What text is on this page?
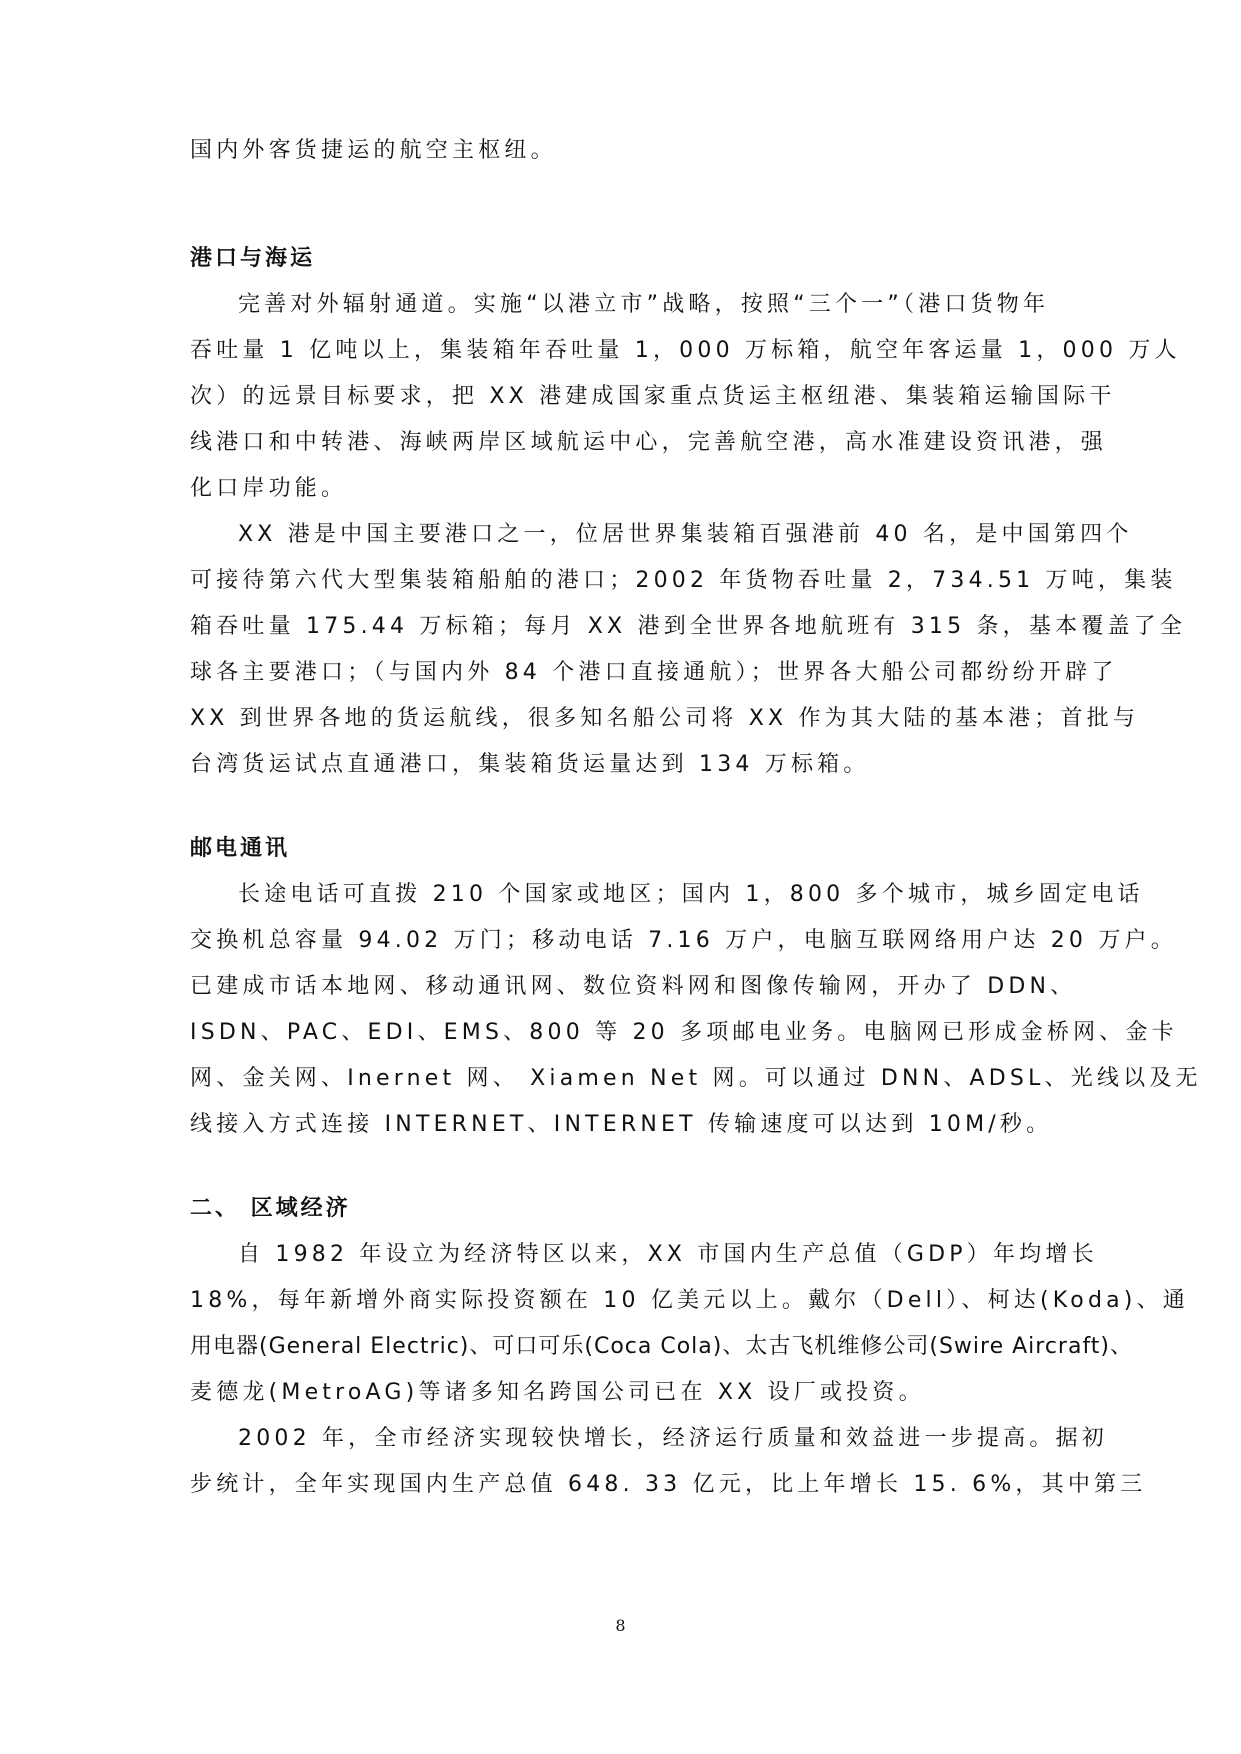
国内外客货捷运的航空主枢纽。
港口与海运
完善对外辐射通道。实施“以港立市”战略，按照“三个一”（港口货物年
吞吐量 1 亿吨以上，集装箱年吞吐量 1，000 万标箱，航空年客运量 1，000 万人
次）的远景目标要求，把 XX 港建成国家重点货运主枢纽港、集装箱运输国际干
线港口和中转港、海峡两岸区域航运中心，完善航空港，高水准建设资讯港，强
化口岸功能。
XX 港是中国主要港口之一，位居世界集装箱百强港前 40 名，是中国第四个
可接待第六代大型集装箱船舶的港口；2002 年货物吞吐量 2，734.51 万吨，集装
箱吞吐量 175.44 万标箱；每月 XX 港到全世界各地航班有 315 条，基本覆盖了全
球各主要港口；（与国内外 84 个港口直接通航）；世界各大船公司都纷纷开辟了
XX 到世界各地的货运航线，很多知名船公司将 XX 作为其大陆的基本港；首批与
台湾货运试点直通港口，集装箱货运量达到 134 万标箱。
邮电通讯
长途电话可直拨 210 个国家或地区；国内 1，800 多个城市，城乡固定电话
交换机总容量 94.02 万门；移动电话 7.16 万户，电脑互联网络用户达 20 万户。
已建成市话本地网、移动通讯网、数位资料网和图像传输网，开办了 DDN、
ISDN、PAC、EDI、EMS、800 等 20 多项邮电业务。电脑网已形成金桥网、金卡
网、金关网、Inernet 网、 Xiamen Net 网。可以通过 DNN、ADSL、光线以及无
线接入方式连接 INTERNET、INTERNET 传输速度可以达到 10M/秒。
二、 区域经济
自 1982 年设立为经济特区以来，XX 市国内生产总值（GDP）年均增长
18%，每年新增外商实际投资额在 10 亿美元以上。戴尔（Dell）、柯达(Koda)、通
用电器(General Electric)、可口可乐(Coca Cola)、太古飞机维修公司(Swire Aircraft)、
麦德龙(MetroAG)等诸多知名跨国公司已在 XX 设厂或投资。
2002 年，全市经济实现较快增长，经济运行质量和效益进一步提高。据初
步统计，全年实现国内生产总值 648. 33 亿元，比上年增长 15. 6%，其中第三
8
